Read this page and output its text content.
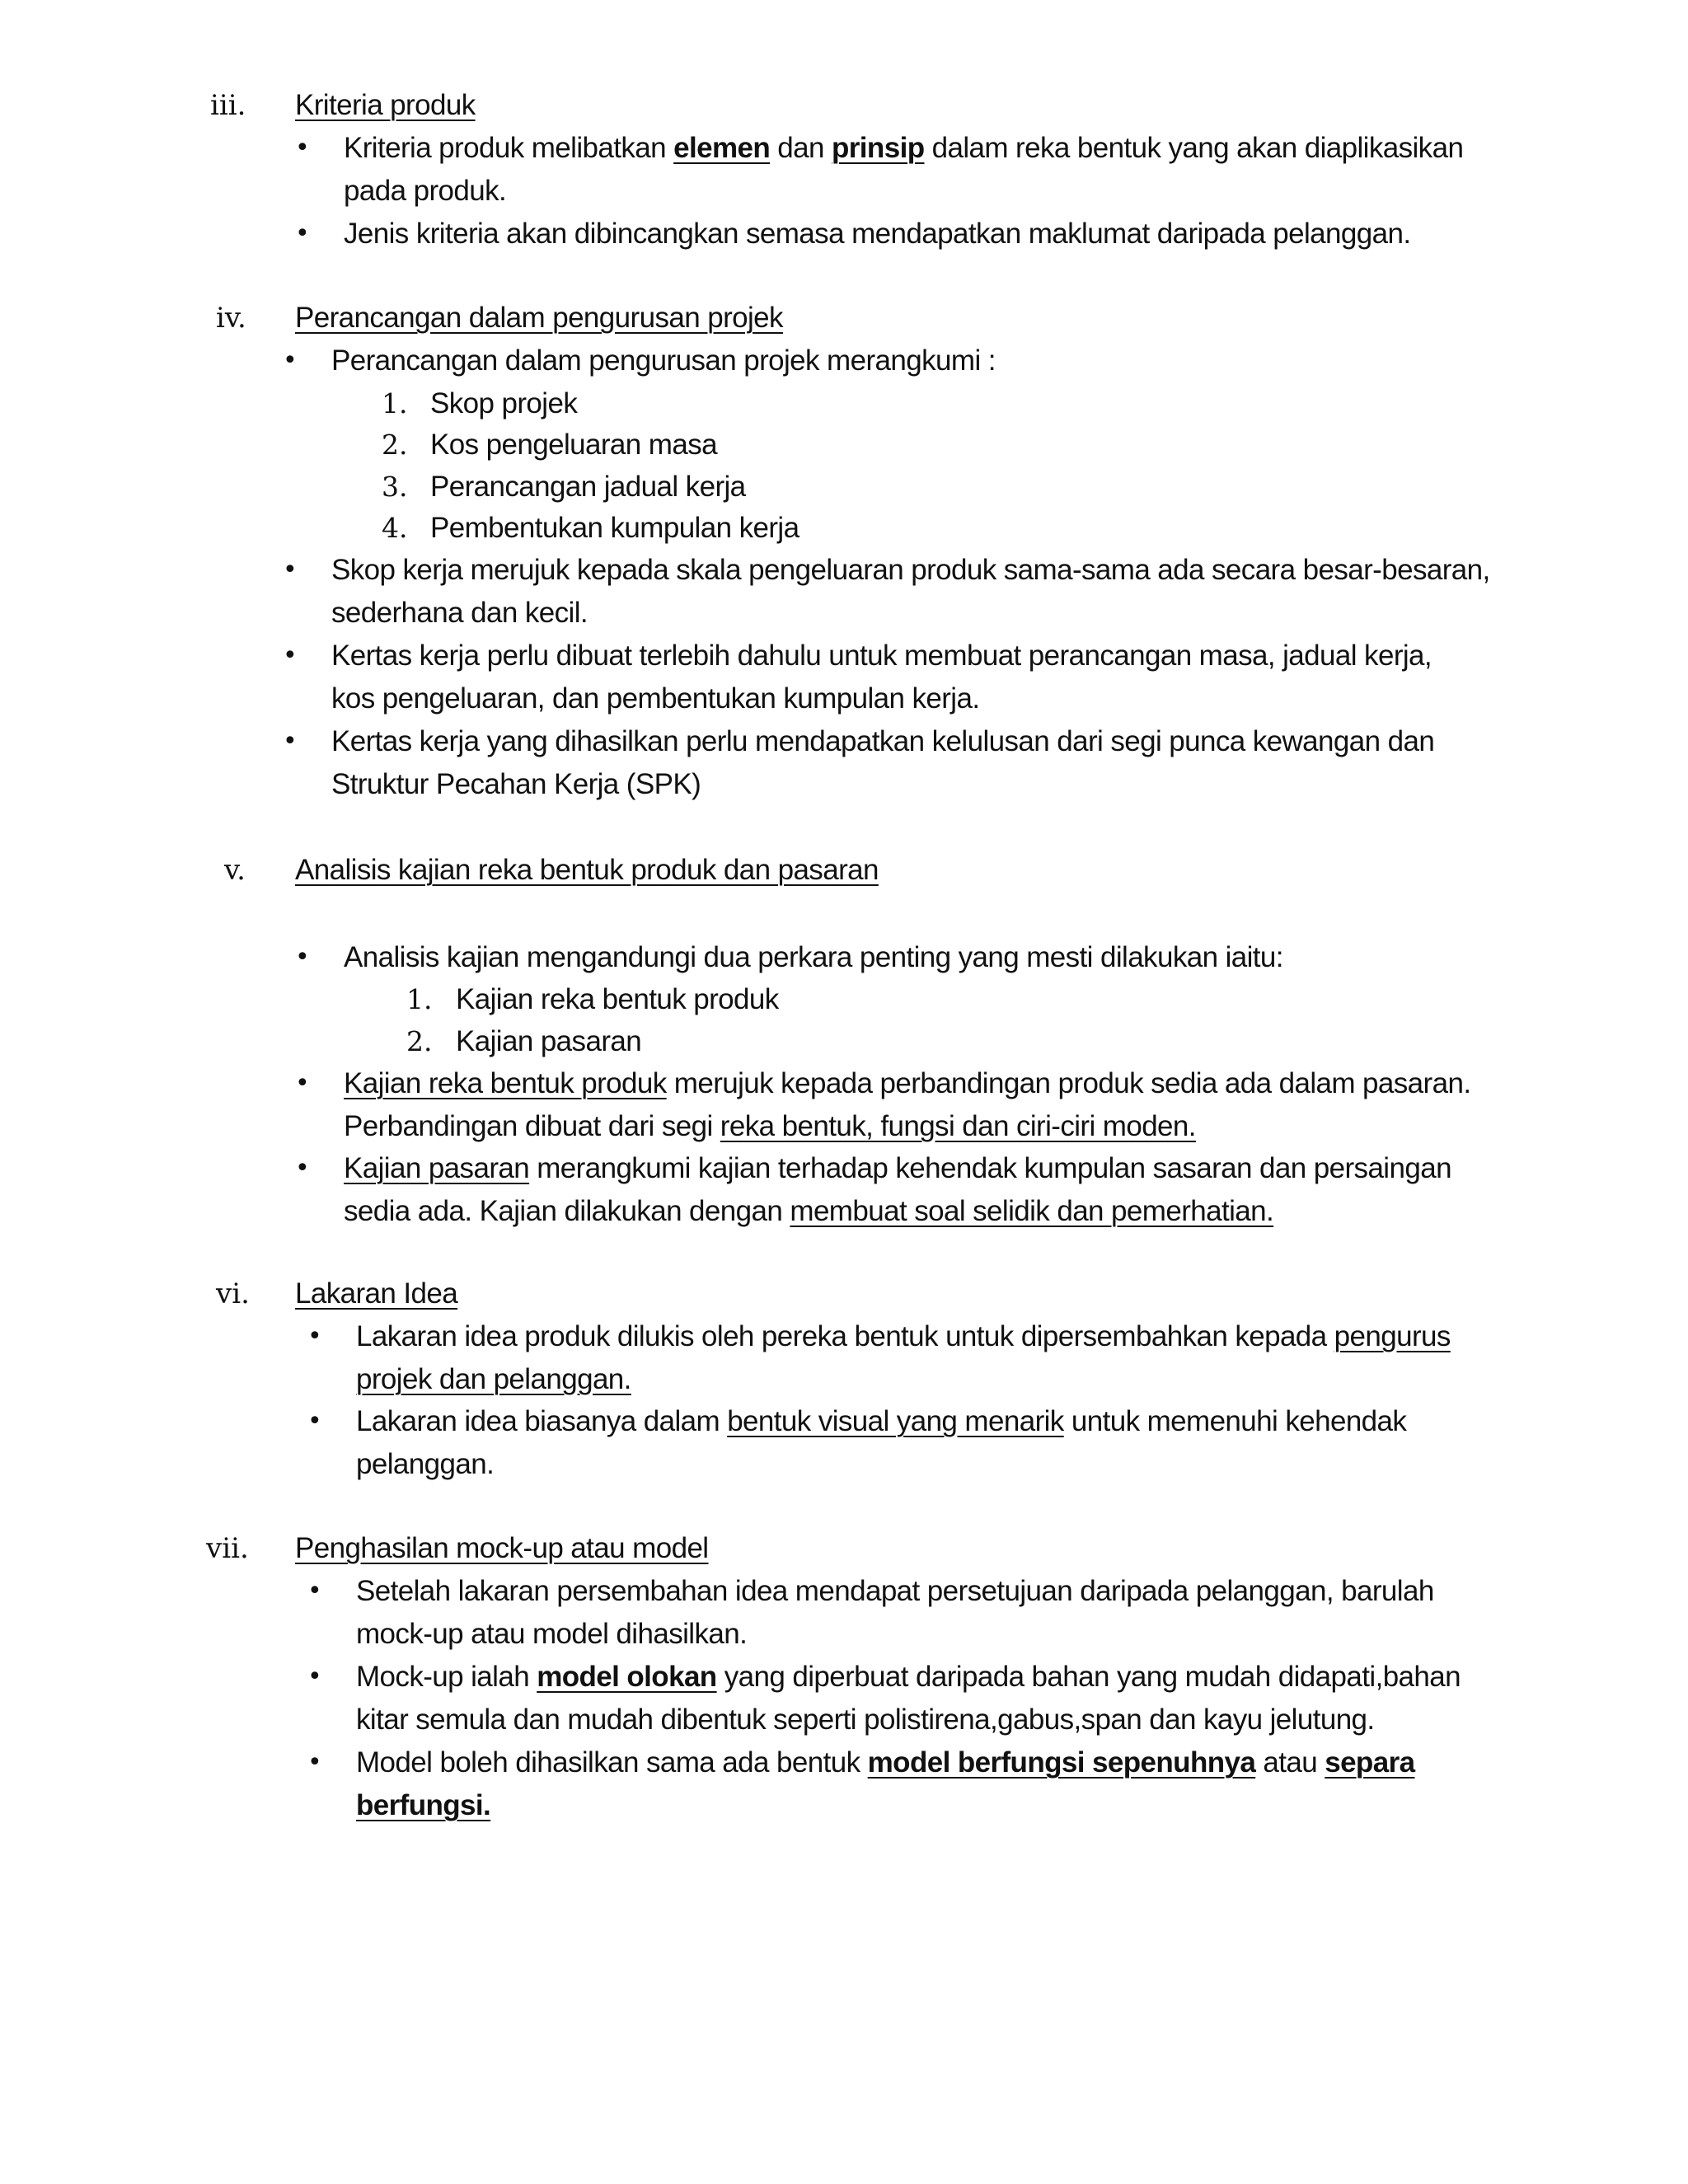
iii. Kriteria produk
• Kriteria produk melibatkan elemen dan prinsip dalam reka bentuk yang akan diaplikasikan pada produk.
• Jenis kriteria akan dibincangkan semasa mendapatkan maklumat daripada pelanggan.
iv. Perancangan dalam pengurusan projek
• Perancangan dalam pengurusan projek merangkumi :
1. Skop projek
2. Kos pengeluaran masa
3. Perancangan jadual kerja
4. Pembentukan kumpulan kerja
• Skop kerja merujuk kepada skala pengeluaran produk sama-sama ada secara besar-besaran, sederhana dan kecil.
• Kertas kerja perlu dibuat terlebih dahulu untuk membuat perancangan masa, jadual kerja, kos pengeluaran, dan pembentukan kumpulan kerja.
• Kertas kerja yang dihasilkan perlu mendapatkan kelulusan dari segi punca kewangan dan Struktur Pecahan Kerja (SPK)
v. Analisis kajian reka bentuk produk dan pasaran
• Analisis kajian mengandungi dua perkara penting yang mesti dilakukan iaitu:
1. Kajian reka bentuk produk
2. Kajian pasaran
• Kajian reka bentuk produk merujuk kepada perbandingan produk sedia ada dalam pasaran. Perbandingan dibuat dari segi reka bentuk, fungsi dan ciri-ciri moden.
• Kajian pasaran merangkumi kajian terhadap kehendak kumpulan sasaran dan persaingan sedia ada. Kajian dilakukan dengan membuat soal selidik dan pemerhatian.
vi. Lakaran Idea
• Lakaran idea produk dilukis oleh pereka bentuk untuk dipersembahkan kepada pengurus projek dan pelanggan.
• Lakaran idea biasanya dalam bentuk visual yang menarik untuk memenuhi kehendak pelanggan.
vii. Penghasilan mock-up atau model
• Setelah lakaran persembahan idea mendapat persetujuan daripada pelanggan, barulah mock-up atau model dihasilkan.
• Mock-up ialah model olokan yang diperbuat daripada bahan yang mudah didapati,bahan kitar semula dan mudah dibentuk seperti polistirena,gabus,span dan kayu jelutung.
• Model boleh dihasilkan sama ada bentuk model berfungsi sepenuhnya atau separa berfungsi.
